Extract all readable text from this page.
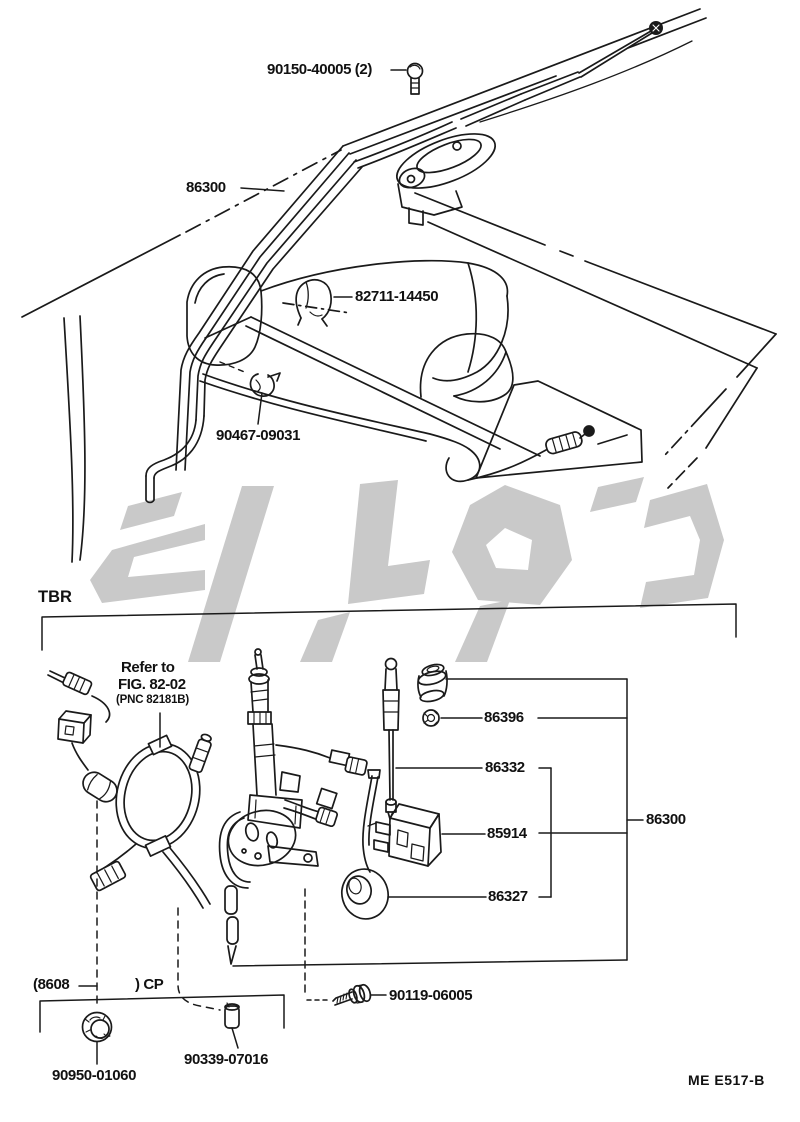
90150-40005 (2)
86300
82711-14450
90467-09031
TBR
Refer to
FIG. 82-02
(PNC 82181B)
86396
86332
85914
86327
86300
(8608	) CP
90119-06005
90339-07016
90950-01060	ME E517-B
